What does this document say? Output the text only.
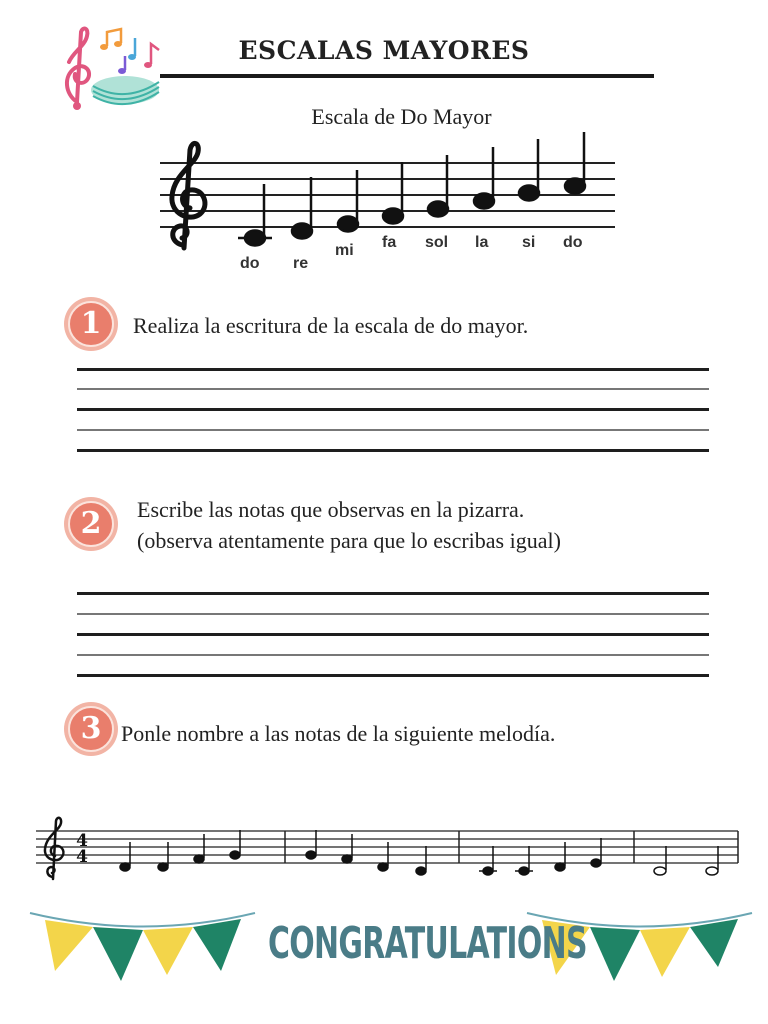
ESCALAS MAYORES
Escala de Do Mayor
do re
mi fa sol la si do
1 Realiza la escritura de la escala de do mayor.
2 Escribe las notas que observas en la pizarra.
(observa atentamente para que lo escribas igual)
3 Ponle nombre a las notas de la siguiente melodía.
4
4
CONGRATULATIONS
